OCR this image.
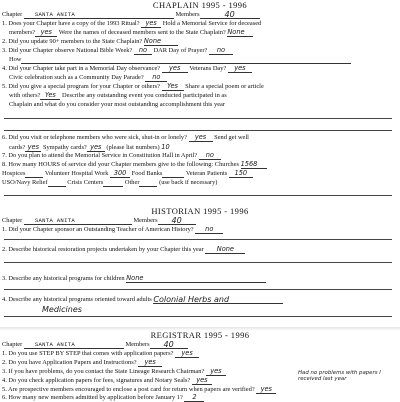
CHAPLAIN 1995 - 1996
Chapter SANTA ANITA	Members	40
1. Does your Chapter have a copy of the 1993 Ritual? yes Hold a Memorial Service for deceased
members? yes Were the names of deceased members sent to the State Chaplain? None
2. Did you update 90+ members to the State Chaplain? None
3. Did your Chapter observe National Bible Week? no DAR Day of Prayer? no
How
4. Did your Chapter take part in a Memorial Day observance? yes Veterans Day? yes
Civic celebration such as a Community Day Parade? no
5. Did you give a special program for your Chapter or others? Yes Share a special poem or article
with others? Yes Describe any outstanding event you conducted participated in as
Chaplain and what do you consider your most outstanding accomplishment this year
6. Did you visit or telephone members who were sick, shut-in or lonely? yes Send get well
cards? yes Sympathy cards? yes (please list numbers) 10
7. Do you plan to attend the Memorial Service in Constitution Hall in April? no
8. How many HOURS of service did your Chapter members give to the following: Churches 1568
Hospices	Volunteer Hospital Work 300 Food Banks	Veteran Patients 150
USO/Navy Relief	Crisis Centers	Other	(use back if necessary)
HISTORIAN 1995 - 1996
Chapter SANTA ANITA	Members 40
1. Did your Chapter sponsor an Outstanding Teacher of American History? no
2. Describe historical restoration projects undertaken by your Chapter this year None
3. Describe any historical programs for children None
4. Describe any historical programs oriented toward adults Colonial Herbs and
Medicines
REGISTRAR 1995 - 1996
Chapter SANTA ANITA	Members 40
1. Do you use STEP BY STEP that comes with application papers? yes
2. Do you have Application Papers and Instructions? yes
3. If you have problems, do you contact the State Lineage Research Chairman? yes
4. Do you check application papers for fees, signatures and Notary Seals? yes
Had no problems with papers I received last year
5. Are prospective members encouraged to enclose a post card for return when papers are verified? yes
6. How many new members admitted by application before January 1? 2
